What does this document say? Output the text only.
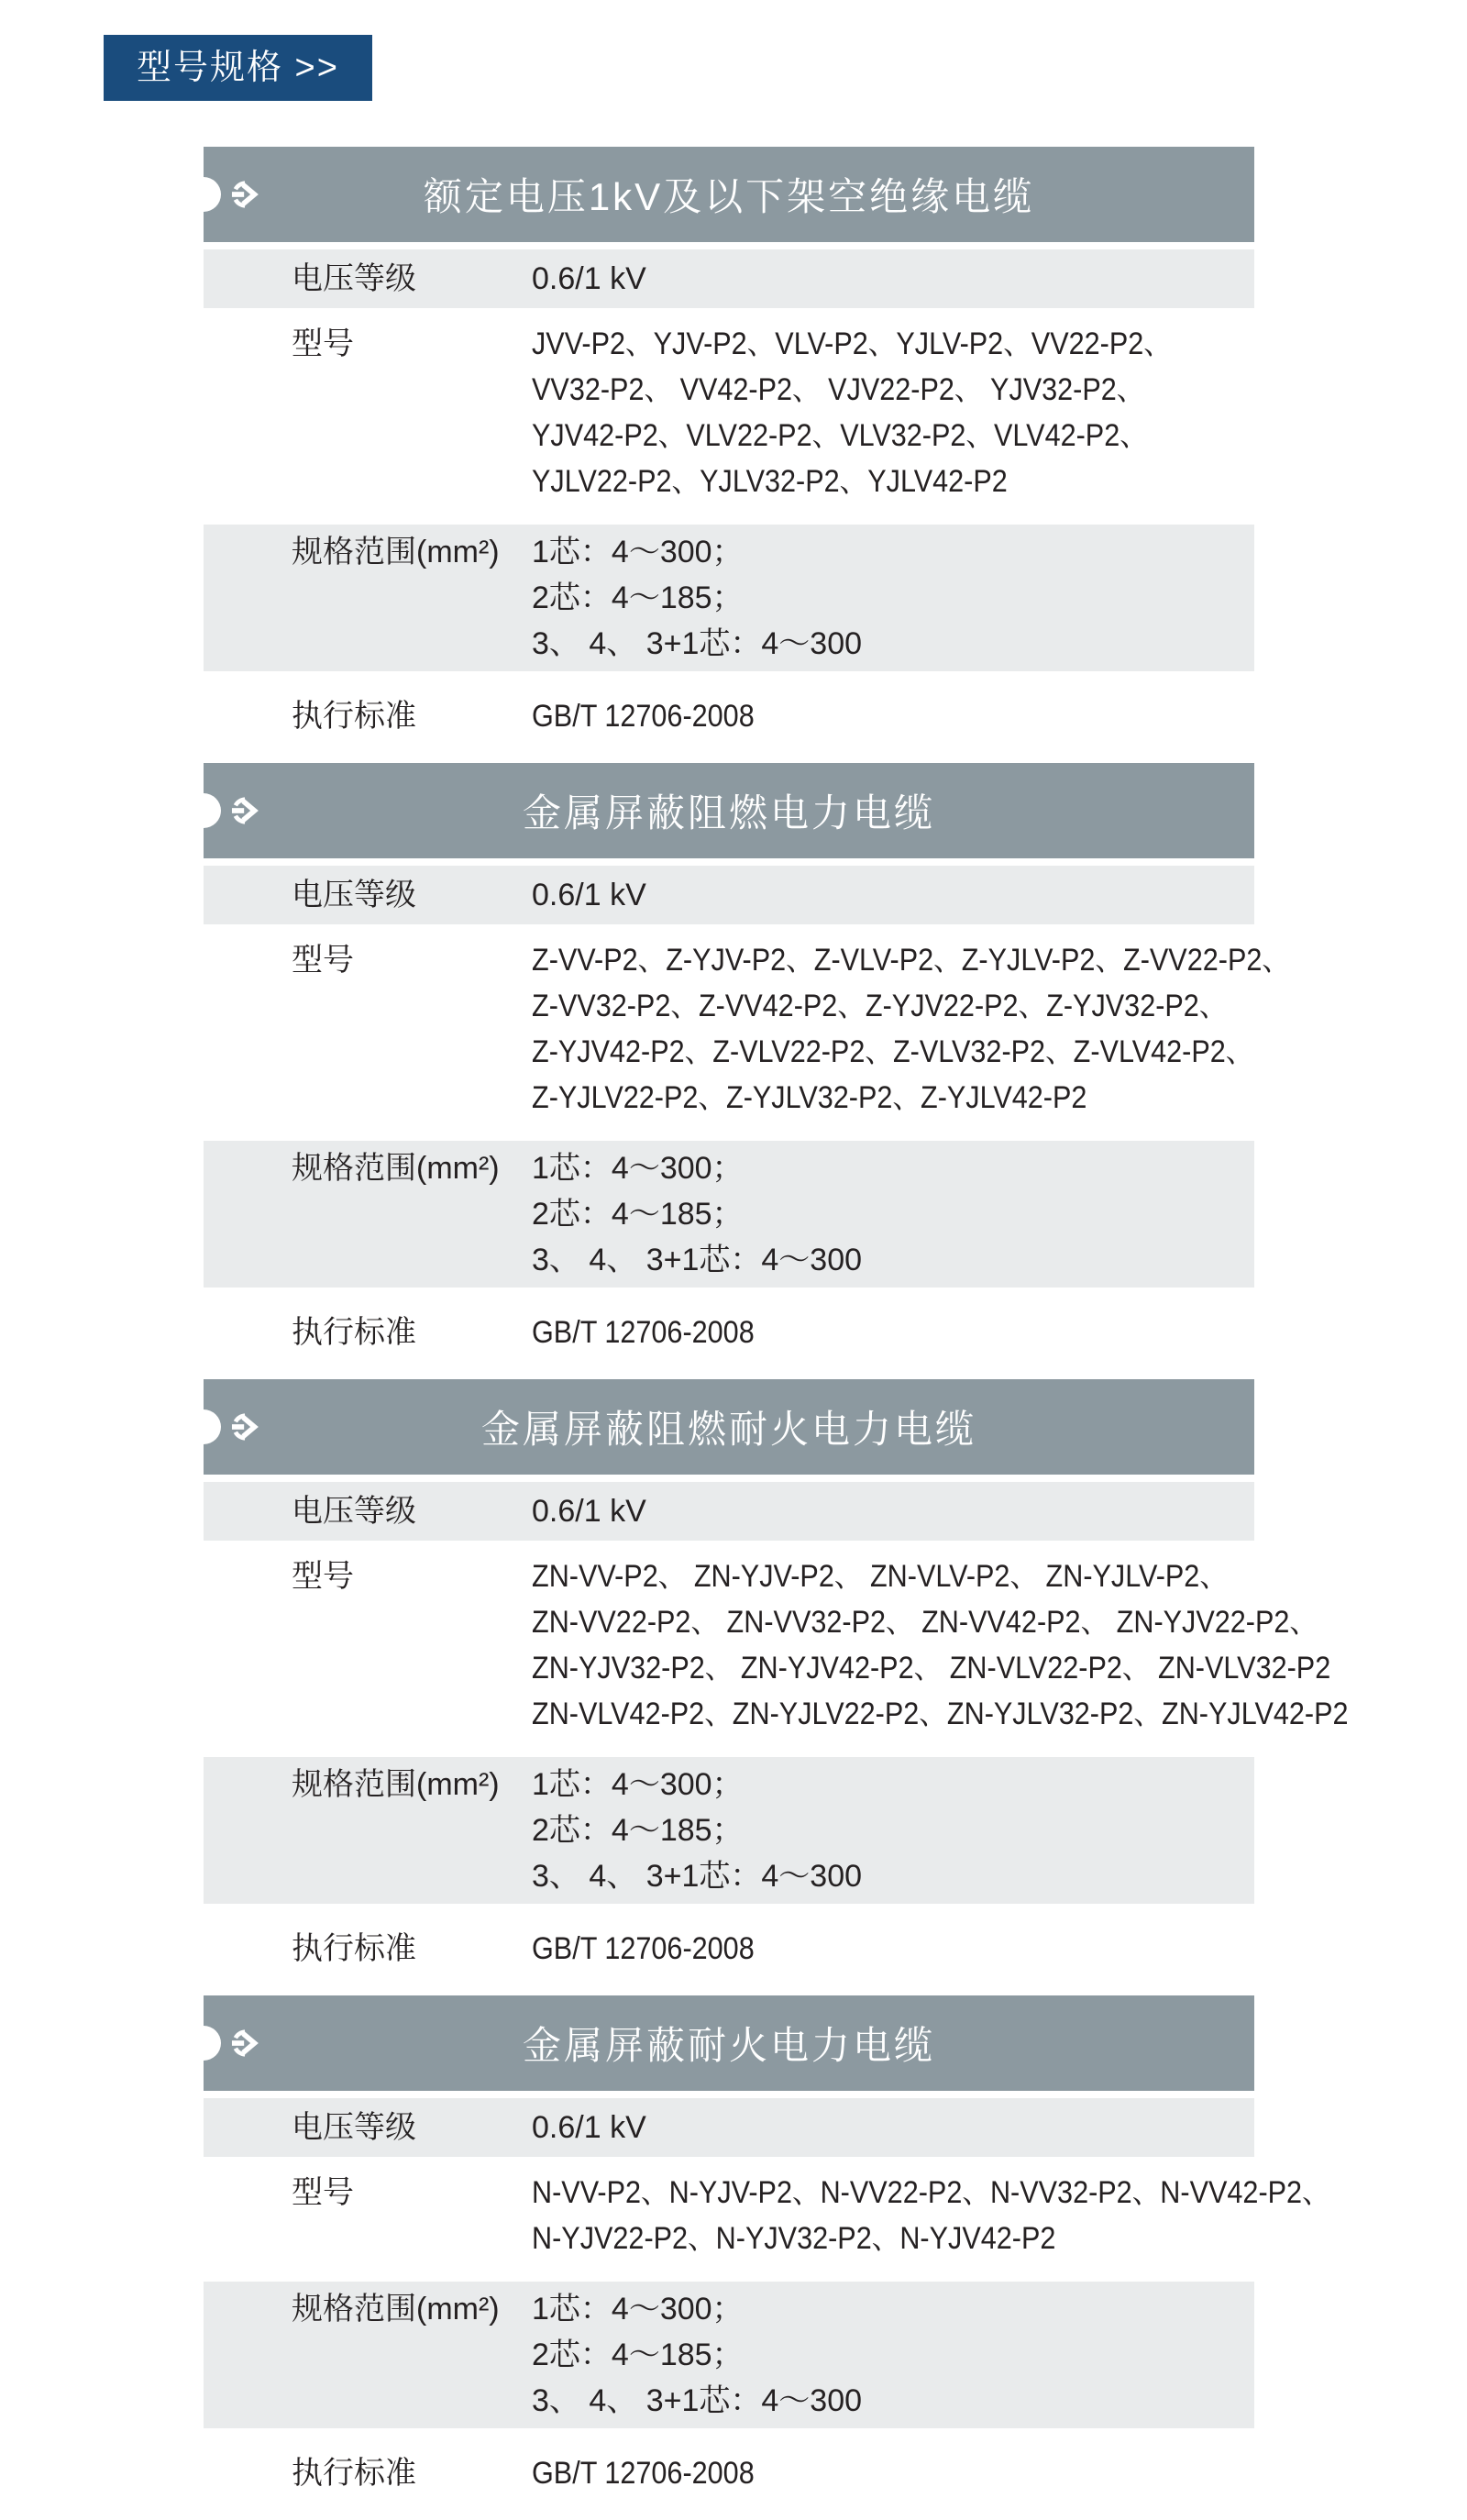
型号规格 >>
额定电压1kV及以下架空绝缘电缆
电压等级	0.6/1 kV
型号	JVV-P2、YJV-P2、VLV-P2、YJLV-P2、VV22-P2、
VV32-P2、 VV42-P2、 VJV22-P2、 YJV32-P2、
YJV42-P2、VLV22-P2、VLV32-P2、VLV42-P2、
YJLV22-P2、YJLV32-P2、YJLV42-P2
规格范围(mm²)	1芯：4～300；
2芯：4～185；
3、 4、 3+1芯：4～300
执行标准	GB/T 12706-2008
金属屏蔽阻燃电力电缆
电压等级	0.6/1 kV
型号	Z-VV-P2、Z-YJV-P2、Z-VLV-P2、Z-YJLV-P2、Z-VV22-P2、
Z-VV32-P2、Z-VV42-P2、Z-YJV22-P2、Z-YJV32-P2、
Z-YJV42-P2、Z-VLV22-P2、Z-VLV32-P2、Z-VLV42-P2、
Z-YJLV22-P2、Z-YJLV32-P2、Z-YJLV42-P2
规格范围(mm²)	1芯：4～300；
2芯：4～185；
3、 4、 3+1芯：4～300
执行标准	GB/T 12706-2008
金属屏蔽阻燃耐火电力电缆
电压等级	0.6/1 kV
型号	ZN-VV-P2、 ZN-YJV-P2、 ZN-VLV-P2、 ZN-YJLV-P2、
ZN-VV22-P2、 ZN-VV32-P2、 ZN-VV42-P2、 ZN-YJV22-P2、
ZN-YJV32-P2、 ZN-YJV42-P2、 ZN-VLV22-P2、 ZN-VLV32-P2
ZN-VLV42-P2、ZN-YJLV22-P2、ZN-YJLV32-P2、ZN-YJLV42-P2
规格范围(mm²)	1芯：4～300；
2芯：4～185；
3、 4、 3+1芯：4～300
执行标准	GB/T 12706-2008
金属屏蔽耐火电力电缆
电压等级	0.6/1 kV
型号	N-VV-P2、N-YJV-P2、N-VV22-P2、N-VV32-P2、N-VV42-P2、
N-YJV22-P2、N-YJV32-P2、N-YJV42-P2
规格范围(mm²)	1芯：4～300；
2芯：4～185；
3、 4、 3+1芯：4～300
执行标准	GB/T 12706-2008
